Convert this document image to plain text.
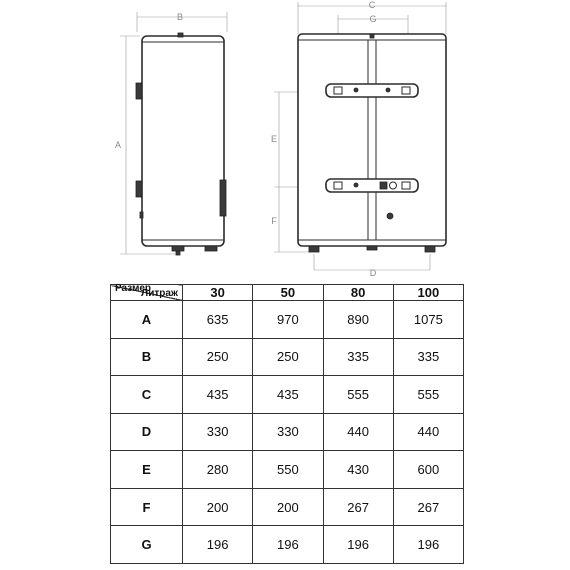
B
A
C
G
E
F
D
Литраж
Размер	30	50	80	100
A	635	970	890	1075
B	250	250	335	335
C	435	435	555	555
D	330	330	440	440
E	280	550	430	600
F	200	200	267	267
G	196	196	196	196
